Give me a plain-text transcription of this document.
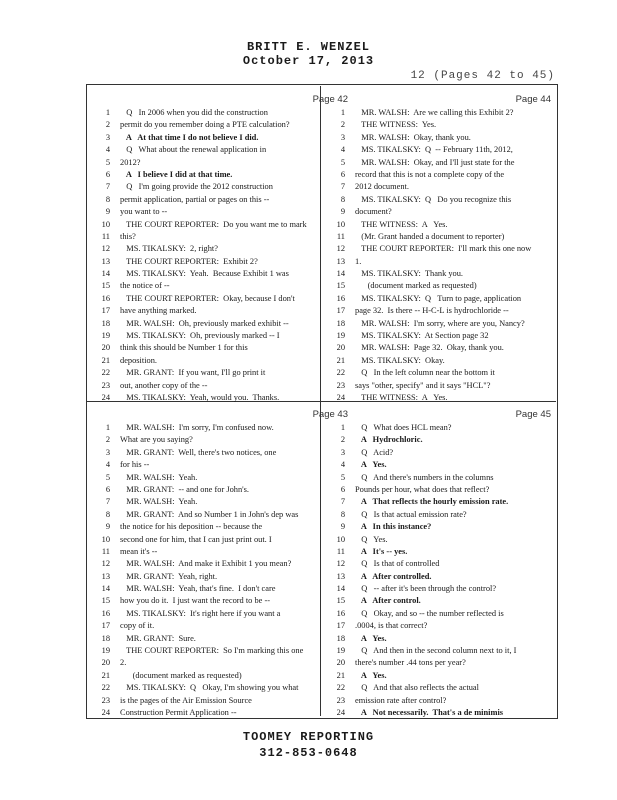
BRITT E. WENZEL
October 17, 2013
12 (Pages 42 to 45)
Page 42
1 Q   In 2006 when you did the construction
2 permit do you remember doing a PTE calculation?
3 A   At that time I do not believe I did.
4 Q   What about the renewal application in
5 2012?
6 A   I believe I did at that time.
7 Q   I'm going provide the 2012 construction
8 permit application, partial or pages on this --
9 you want to --
10 THE COURT REPORTER:  Do you want me to mark
11 this?
12 MS. TIKALSKY:  2, right?
13 THE COURT REPORTER:  Exhibit 2?
14 MS. TIKALSKY:  Yeah.  Because Exhibit 1 was
15 the notice of --
16 THE COURT REPORTER:  Okay, because I don't
17 have anything marked.
18 MR. WALSH:  Oh, previously marked exhibit --
19 MS. TIKALSKY:  Oh, previously marked -- I
20 think this should be Number 1 for this
21 deposition.
22 MR. GRANT:  If you want, I'll go print it
23 out, another copy of the --
24 MS. TIKALSKY:  Yeah, would you.  Thanks.
Page 44
1 MR. WALSH:  Are we calling this Exhibit 2?
2 THE WITNESS:  Yes.
3 MR. WALSH:  Okay, thank you.
4 MS. TIKALSKY:  Q  -- February 11th, 2012,
5 MR. WALSH:  Okay, and I'll just state for the
6 record that this is not a complete copy of the
7 2012 document.
8 MS. TIKALSKY:  Q   Do you recognize this
9 document?
10 THE WITNESS:  A   Yes.
11 (Mr. Grant handed a document to reporter)
12 THE COURT REPORTER:  I'll mark this one now
13 1.
14 MS. TIKALSKY:  Thank you.
15 (document marked as requested)
16 MS. TIKALSKY:  Q   Turn to page, application
17 page 32.  Is there -- H-C-L is hydrochloride --
18 MR. WALSH:  I'm sorry, where are you, Nancy?
19 MS. TIKALSKY:  At Section page 32
20 MR. WALSH:  Page 32.  Okay, thank you.
21 MS. TIKALSKY:  Okay.
22 Q   In the left column near the bottom it
23 says "other, specify" and it says "HCL"?
24 THE WITNESS:  A   Yes.
Page 43
1 MR. WALSH:  I'm sorry, I'm confused now.
2 What are you saying?
3 MR. GRANT:  Well, there's two notices, one
4 for his --
5 MR. WALSH:  Yeah.
6 MR. GRANT:  -- and one for John's.
7 MR. WALSH:  Yeah.
8 MR. GRANT:  And so Number 1 in John's dep was
9 the notice for his deposition -- because the
10 second one for him, that I can just print out. I
11 mean it's --
12 MR. WALSH:  And make it Exhibit 1 you mean?
13 MR. GRANT:  Yeah, right.
14 MR. WALSH:  Yeah, that's fine.  I don't care
15 how you do it.  I just want the record to be --
16 MS. TIKALSKY:  It's right here if you want a
17 copy of it.
18 MR. GRANT:  Sure.
19 THE COURT REPORTER:  So I'm marking this one
20 2.
21 (document marked as requested)
22 MS. TIKALSKY:  Q   Okay, I'm showing you what
23 is the pages of the Air Emission Source
24 Construction Permit Application --
Page 45
1 Q   What does HCL mean?
2 A   Hydrochloric.
3 Q   Acid?
4 A   Yes.
5 Q   And there's numbers in the columns
6 Pounds per hour, what does that reflect?
7 A   That reflects the hourly emission rate.
8 Q   Is that actual emission rate?
9 A   In this instance?
10 Q   Yes.
11 A   It's -- yes.
12 Q   Is that of controlled
13 A   After controlled.
14 Q   -- after it's been through the control?
15 A   After control.
16 Q   Okay, and so -- the number reflected is
17 .0004, is that correct?
18 A   Yes.
19 Q   And then in the second column next to it, I
20 there's number .44 tons per year?
21 A   Yes.
22 Q   And that also reflects the actual
23 emission rate after control?
24 A   Not necessarily.  That's a de minimis
TOOMEY REPORTING
312-853-0648
